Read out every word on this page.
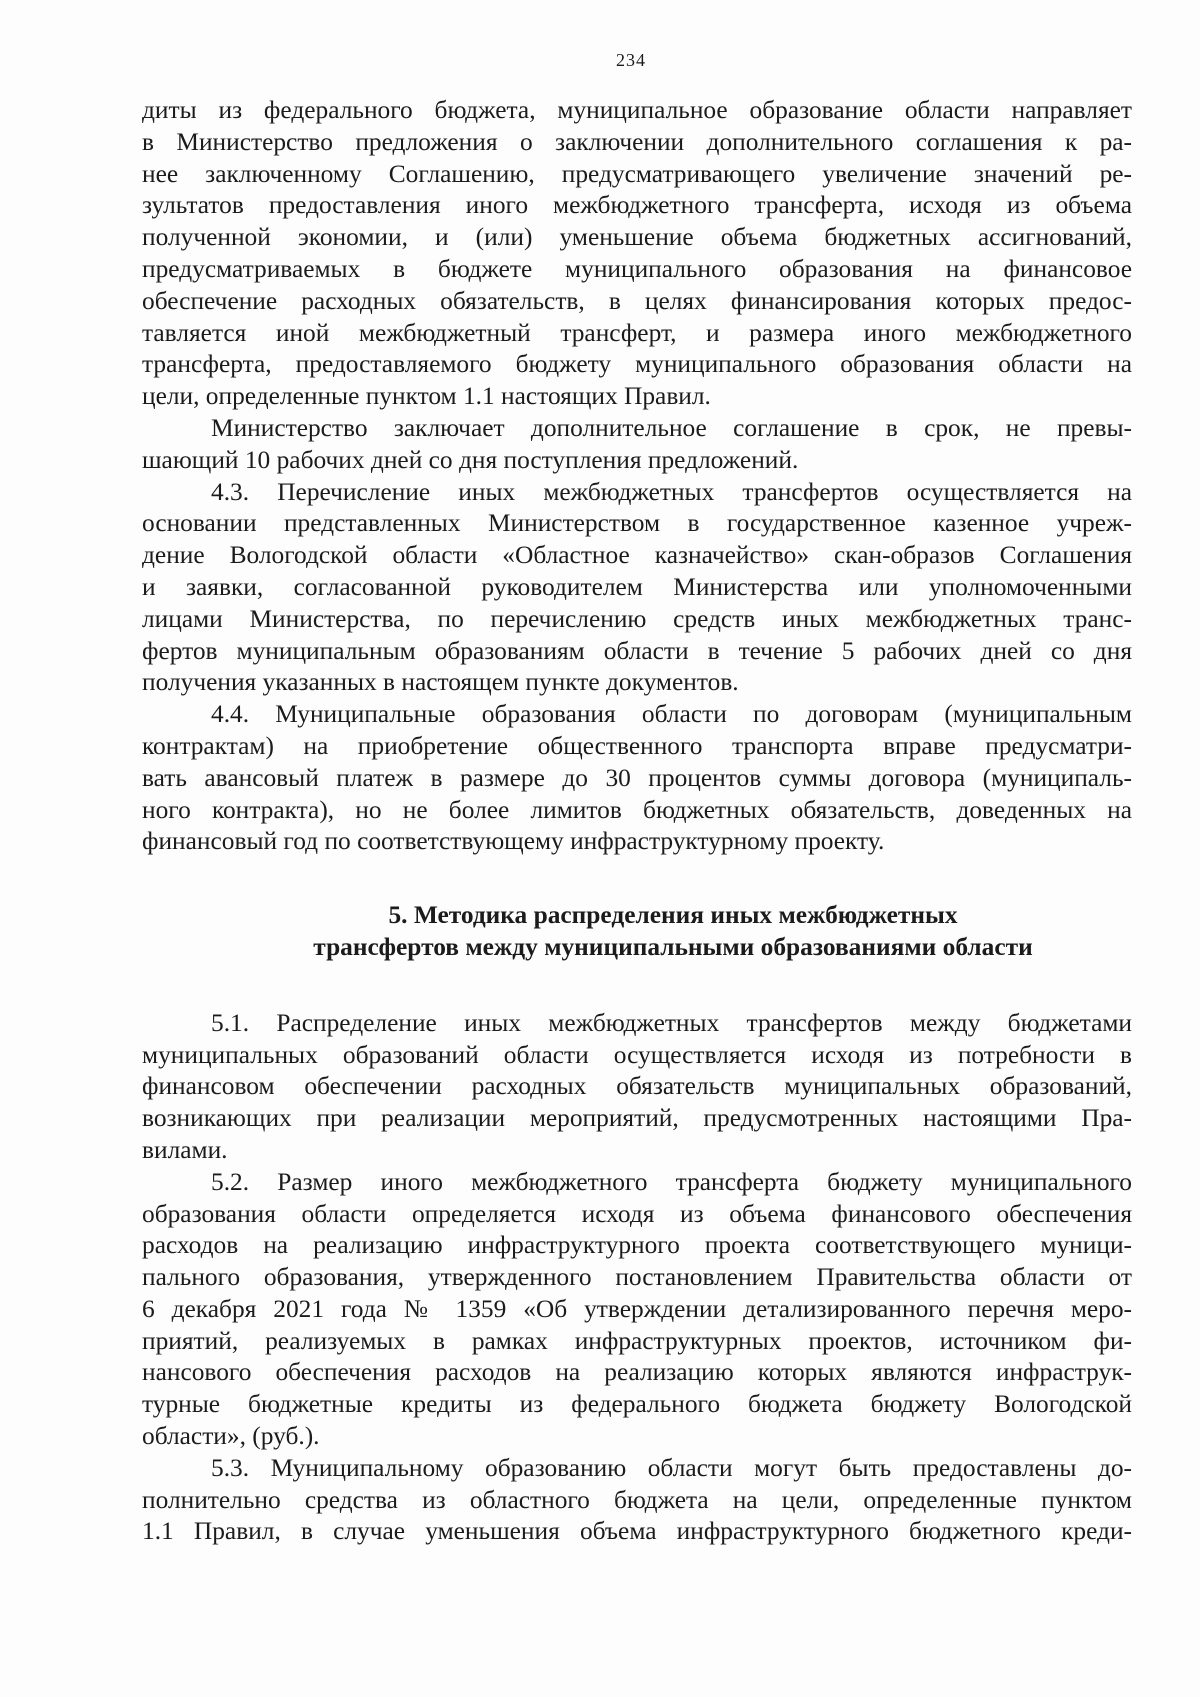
234

диты из федерального бюджета, муниципальное образование области направляет

в Министерство предложения о заключении дополнительного соглашения к ра-

нее заключенному Соглашению, предусматривающего увеличение значений ре-

зультатов предоставления иного межбюджетного трансферта, исходя из объема

полученной экономии, и (или) уменьшение объема бюджетных ассигнований,

предусматриваемых в бюджете муниципального образования на финансовое

обеспечение расходных обязательств, в целях финансирования которых предос-

тавляется иной межбюджетный трансферт, и размера иного межбюджетного

трансферта, предоставляемого бюджету муниципального образования области на

цели, определенные пунктом 1.1 настоящих Правил.

Министерство заключает дополнительное соглашение в срок, не превы-

шающий 10 рабочих дней со дня поступления предложений.

4.3. Перечисление иных межбюджетных трансфертов осуществляется на

основании представленных Министерством в государственное казенное учреж-

дение Вологодской области «Областное казначейство» скан-образов Соглашения

и заявки, согласованной руководителем Министерства или уполномоченными

лицами Министерства, по перечислению средств иных межбюджетных транс-

фертов муниципальным образованиям области в течение 5 рабочих дней со дня

получения указанных в настоящем пункте документов.

4.4. Муниципальные образования области по договорам (муниципальным

контрактам) на приобретение общественного транспорта вправе предусматри-

вать авансовый платеж в размере до 30 процентов суммы договора (муниципаль-

ного контракта), но не более лимитов бюджетных обязательств, доведенных на

финансовый год по соответствующему инфраструктурному проекту.

5. Методика распределения иных межбюджетных
трансфертов между муниципальными образованиями области

5.1. Распределение иных межбюджетных трансфертов между бюджетами

муниципальных образований области осуществляется исходя из потребности в

финансовом обеспечении расходных обязательств муниципальных образований,

возникающих при реализации мероприятий, предусмотренных настоящими Пра-

вилами.

5.2. Размер иного межбюджетного трансферта бюджету муниципального

образования области определяется исходя из объема финансового обеспечения

расходов на реализацию инфраструктурного проекта соответствующего муници-

пального образования, утвержденного постановлением Правительства области от

6 декабря 2021 года № 1359 «Об утверждении детализированного перечня меро-

приятий, реализуемых в рамках инфраструктурных проектов, источником фи-

нансового обеспечения расходов на реализацию которых являются инфраструк-

турные бюджетные кредиты из федерального бюджета бюджету Вологодской

области», (руб.).

5.3. Муниципальному образованию области могут быть предоставлены до-

полнительно средства из областного бюджета на цели, определенные пунктом

1.1 Правил, в случае уменьшения объема инфраструктурного бюджетного креди-
